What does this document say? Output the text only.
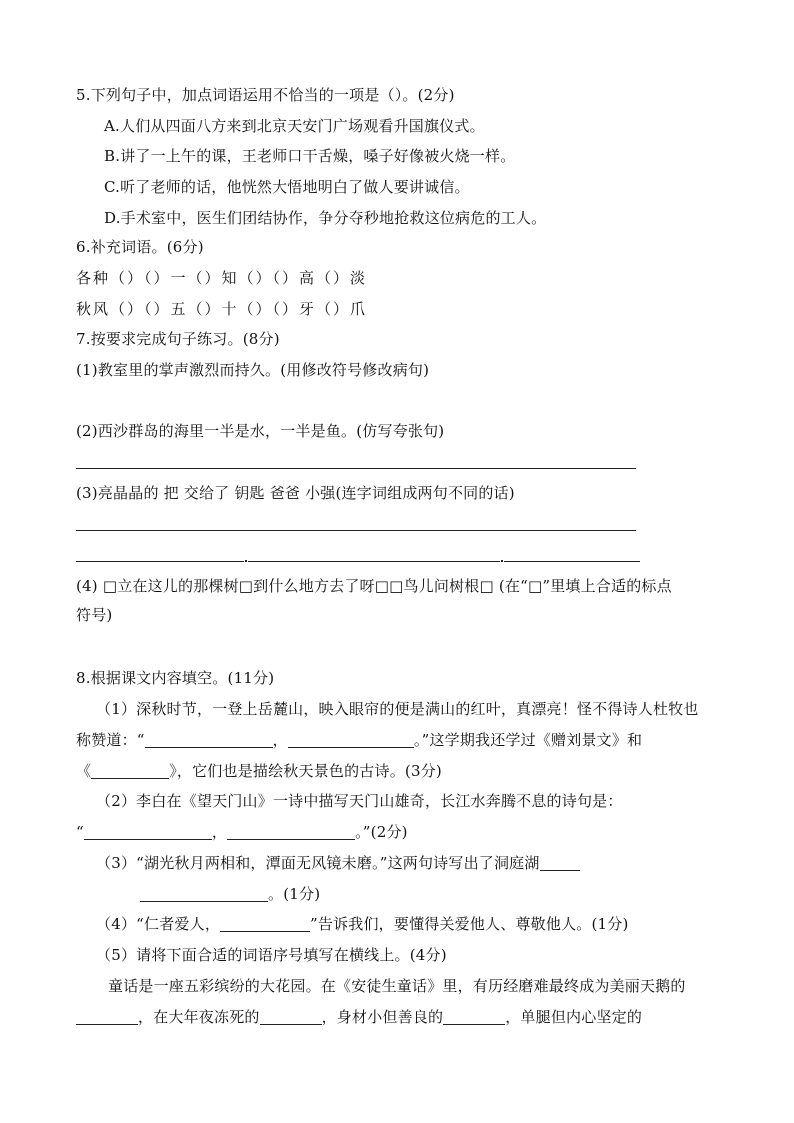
5.下列句子中，加点词语运用不恰当的一项是（）。(2分)
A.人们从四面八方来到北京天安门广场观看升国旗仪式。
B.讲了一上午的课，王老师口干舌燥，嗓子好像被火烧一样。
C.听了老师的话，他恍然大悟地明白了做人要讲诚信。
D.手术室中，医生们团结协作，争分夺秒地抢救这位病危的工人。
6.补充词语。(6分)
各种（）（）一（）知（）（）高（）淡
秋风（）（）五（）十（）（）牙（）爪
7.按要求完成句子练习。(8分)
(1)教室里的掌声激烈而持久。(用修改符号修改病句)
(2)西沙群岛的海里一半是水，一半是鱼。(仿写夸张句)
(3)亮晶晶的 把 交给了 钥匙 爸爸 小强(连字词组成两句不同的话)
(4) □立在这儿的那棵树□到什么地方去了呀□□鸟儿问树根□ (在“□”里填上合适的标点
符号)
8.根据课文内容填空。(11分)
（1）深秋时节，一登上岳麓山，映入眼帘的便是满山的红叶，真漂亮！怪不得诗人杜牧也
称赞道：“	，	。”这学期我还学过《赠刘景文》和
《	》，它们也是描绘秋天景色的古诗。(3分)
（2）李白在《望天门山》一诗中描写天门山雄奇，长江水奔腾不息的诗句是：
“	，	。”(2分)
（3）“湖光秋月两相和，潭面无风镜未磨。”这两句诗写出了洞庭湖
。(1分)
（4）“仁者爱人，	”告诉我们，要懂得关爱他人、尊敬他人。(1分)
（5）请将下面合适的词语序号填写在横线上。(4分)
童话是一座五彩缤纷的大花园。在《安徒生童话》里，有历经磨难最终成为美丽天鹅的
，在大年夜冻死的	，身材小但善良的	，单腿但内心坚定的
